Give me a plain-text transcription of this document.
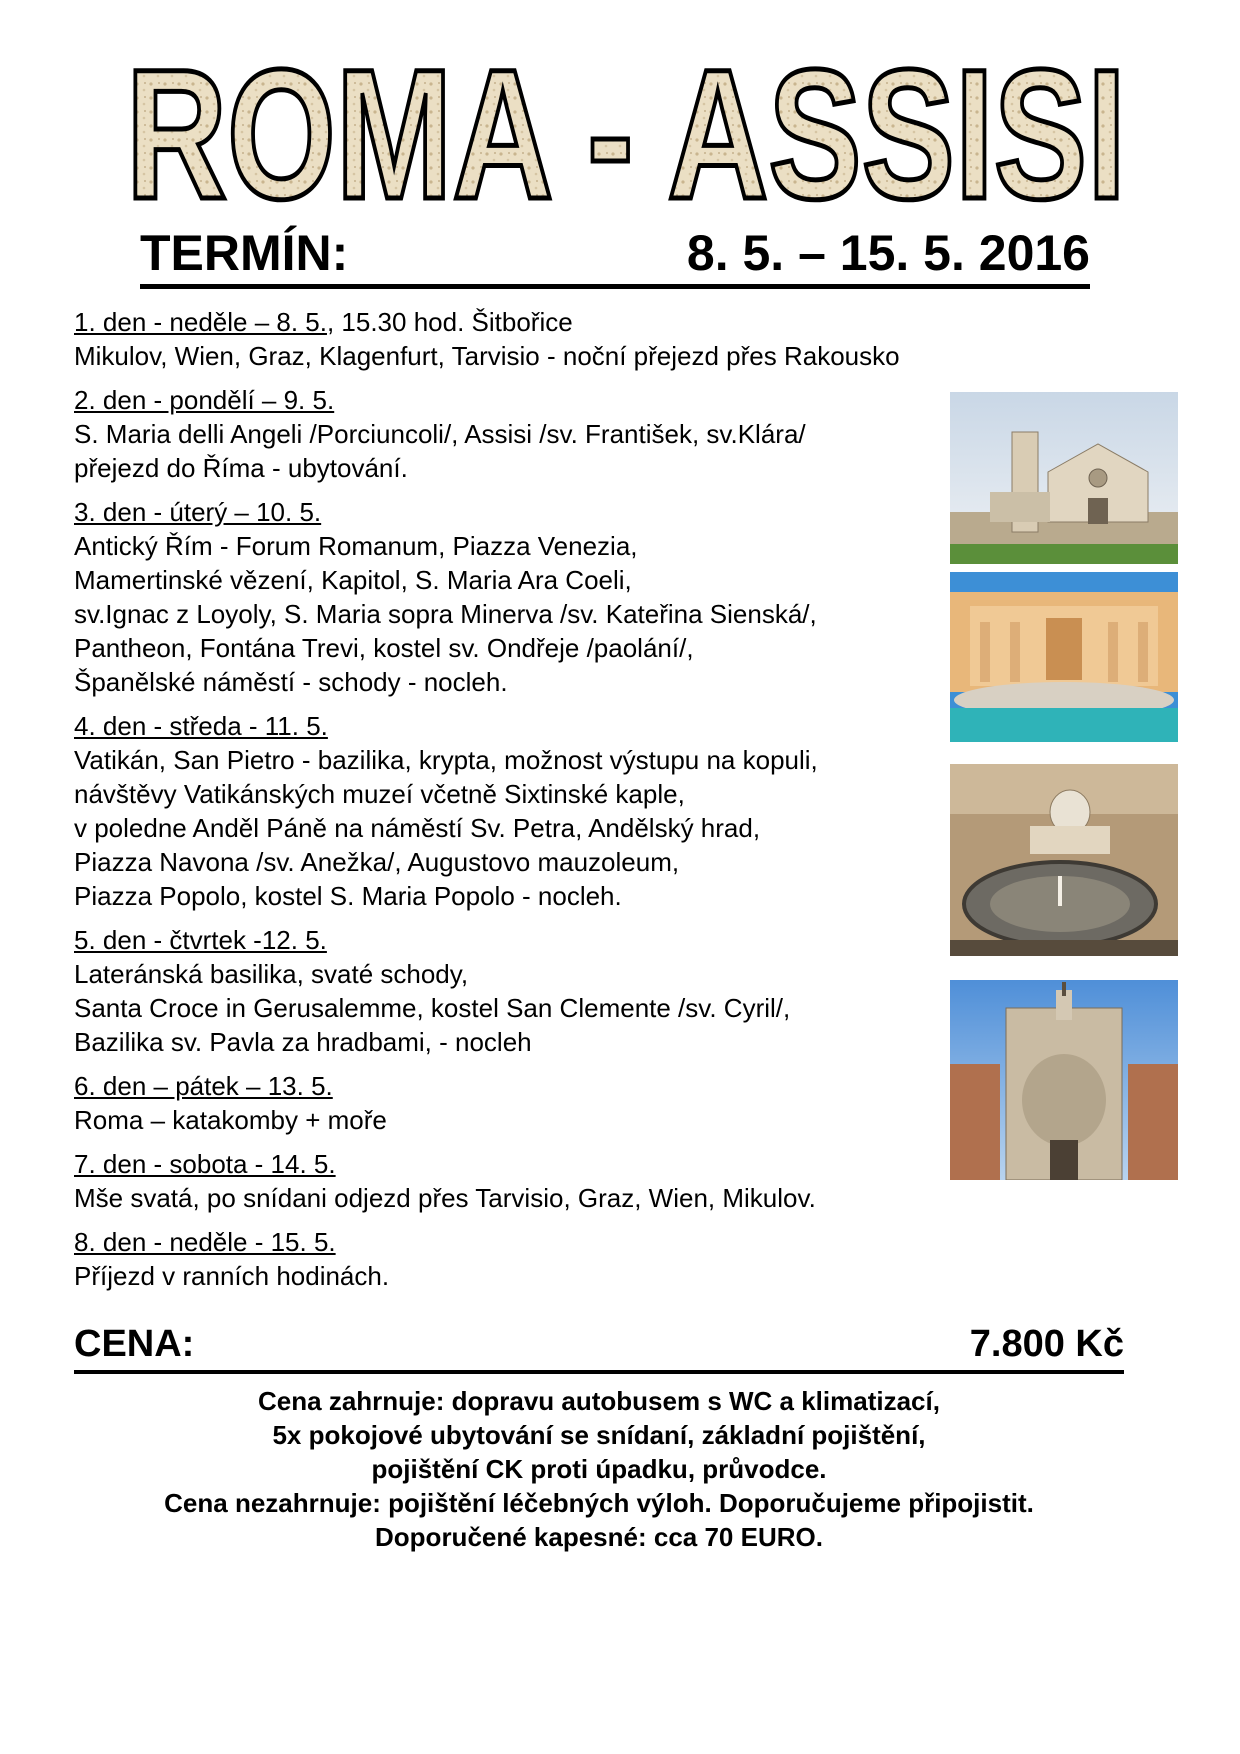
ROMA - ASSISI
TERMÍN:	8. 5. – 15. 5. 2016
1. den - neděle – 8. 5., 15.30 hod. Šitbořice
Mikulov, Wien, Graz, Klagenfurt, Tarvisio - noční přejezd přes Rakousko
2. den - pondělí – 9. 5.
S. Maria delli Angeli /Porciuncoli/, Assisi /sv. František, sv.Klára/
přejezd do Říma - ubytování.
3. den - úterý – 10. 5.
Antický Řím - Forum Romanum, Piazza Venezia,
Mamertinské vězení, Kapitol, S. Maria Ara Coeli,
sv.Ignac z Loyoly, S. Maria sopra Minerva /sv. Kateřina Sienská/,
Pantheon, Fontána Trevi, kostel sv. Ondřeje /paolání/,
Španělské náměstí - schody - nocleh.
4. den - středa - 11. 5.
Vatikán, San Pietro - bazilika, krypta, možnost výstupu na kopuli,
návštěvy Vatikánských muzeí včetně Sixtinské kaple,
v poledne Anděl Páně na náměstí Sv. Petra, Andělský hrad,
Piazza Navona /sv. Anežka/, Augustovo mauzoleum,
Piazza Popolo, kostel S. Maria Popolo - nocleh.
5. den - čtvrtek -12. 5.
Lateránská basilika, svaté schody,
Santa Croce in Gerusalemme, kostel San Clemente /sv. Cyril/,
Bazilika sv. Pavla za hradbami, - nocleh
6. den – pátek – 13. 5.
Roma – katakomby + moře
7. den - sobota - 14. 5.
Mše svatá, po snídani odjezd přes Tarvisio, Graz, Wien, Mikulov.
8. den - neděle - 15. 5.
Příjezd v ranních hodinách.
CENA:	7.800 Kč
Cena zahrnuje: dopravu autobusem s WC a klimatizací,
5x pokojové ubytování se snídaní, základní pojištění,
pojištění CK proti úpadku, průvodce.
Cena nezahrnuje: pojištění léčebných výloh. Doporučujeme připojistit.
Doporučené kapesné: cca 70 EURO.
